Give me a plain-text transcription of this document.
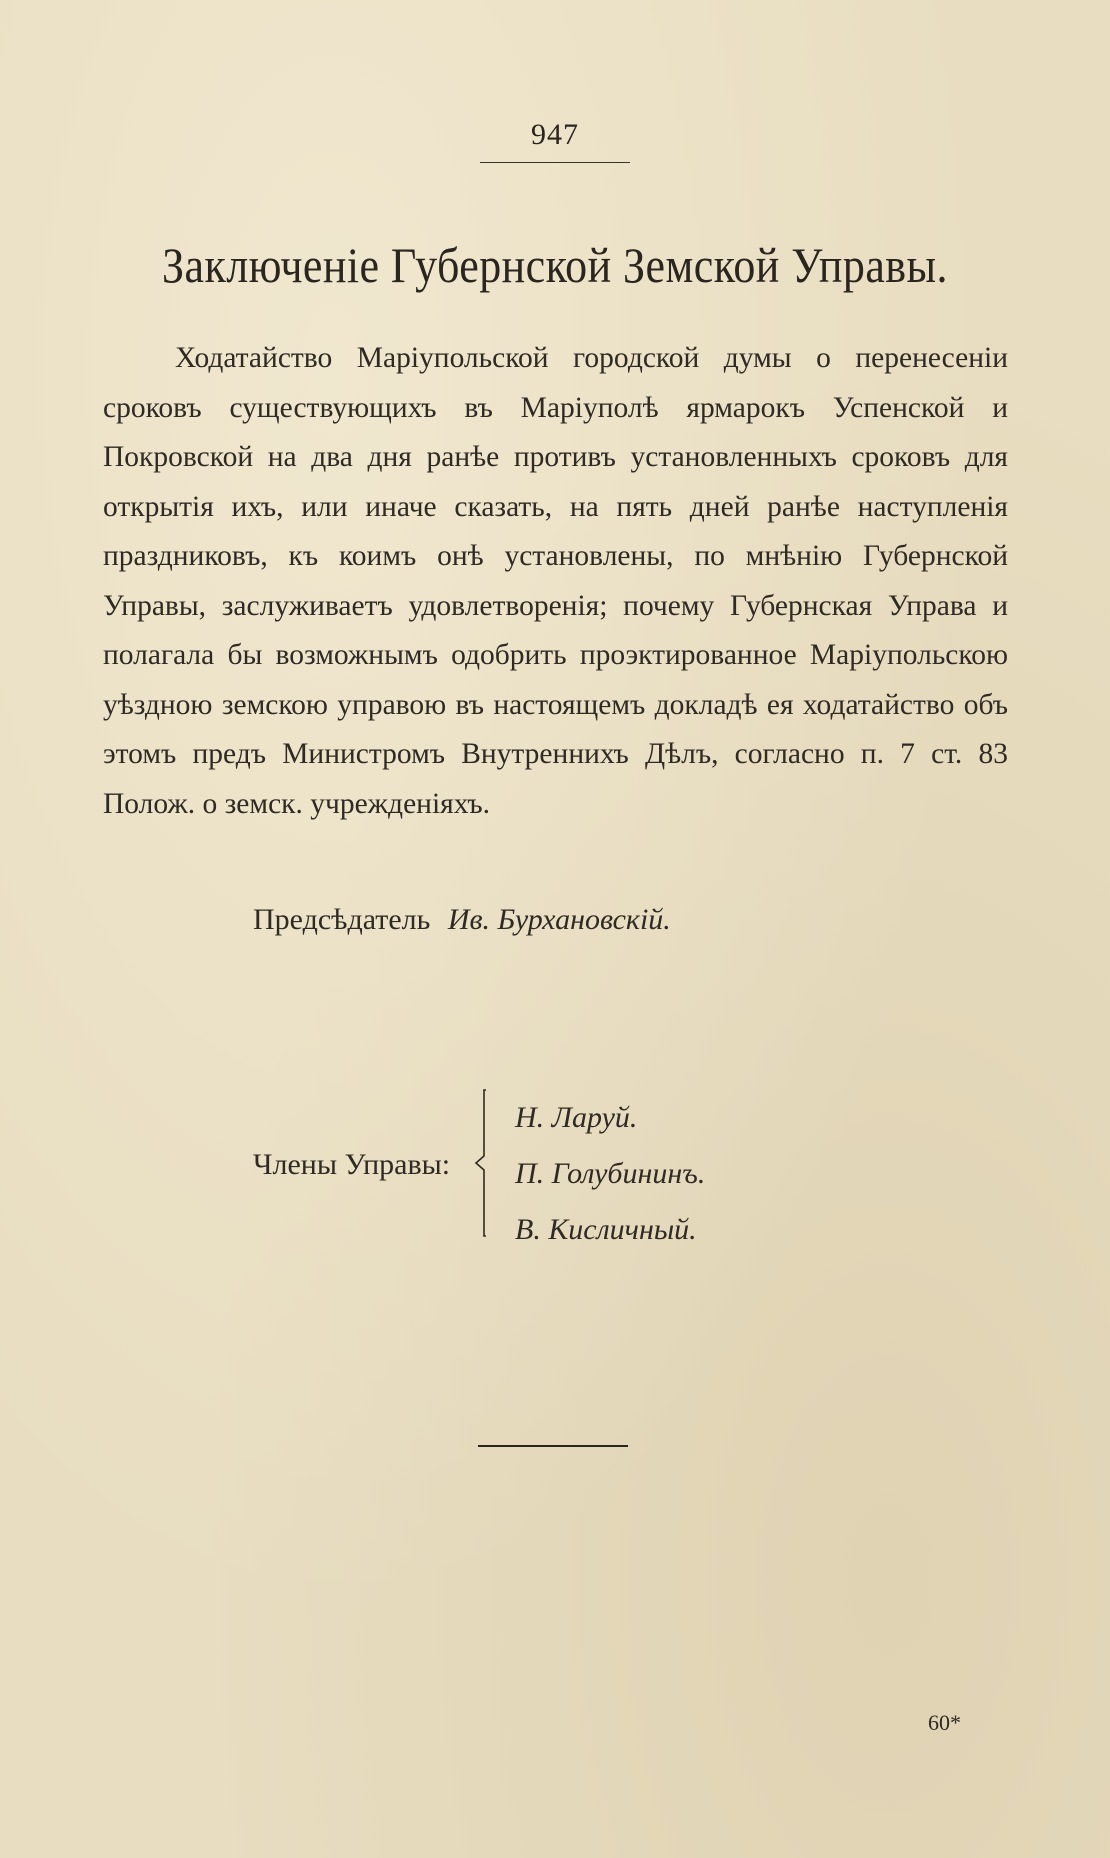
947
Заключенiе Губернской Земской Управы.

Ходатайство Марiупольской городской думы о перенесенiи сроковъ существующихъ въ Марiуполѣ ярмарокъ Успенской и Покровской на два дня ранѣе противъ установленныхъ сроковъ для открытiя ихъ, или иначе сказать, на пять дней ранѣе наступленiя праздниковъ, къ коимъ онѣ установлены, по мнѣнiю Губернской Управы, заслуживаетъ удовлетворенiя; почему Губернская Управа и полагала бы возможнымъ одобрить проэктированное Марiупольскою уѣздною земскою управою въ настоящемъ докладѣ ея ходатайство объ этомъ предъ Министромъ Внутреннихъ Дѣлъ, согласно п. 7 ст. 83 Полож. о земск. учрежденiяхъ.

Предсѣдатель Ив. Бурхановскiй.
Члены Управы:
Н. Ларуй.
П. Голубининъ.
В. Кисличный.
60*
